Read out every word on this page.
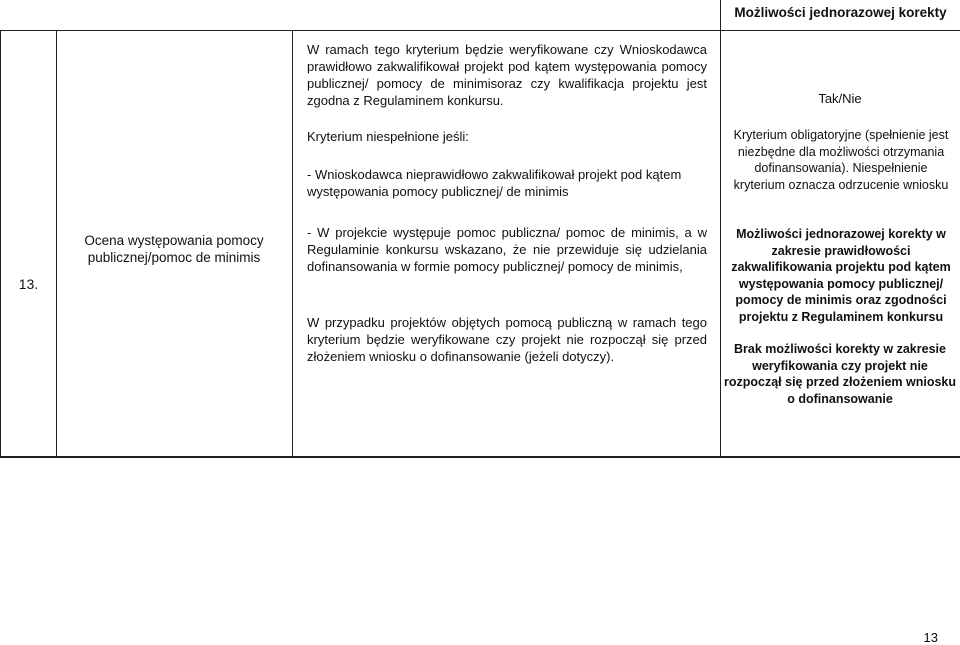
Możliwości jednorazowej korekty
13.
Ocena występowania pomocy publicznej/pomoc de minimis
W ramach tego kryterium będzie weryfikowane czy Wnioskodawca prawidłowo zakwalifikował projekt pod kątem występowania pomocy publicznej/ pomocy de minimisoraz czy kwalifikacja projektu jest zgodna z Regulaminem konkursu.
Kryterium niespełnione jeśli:
- Wnioskodawca nieprawidłowo zakwalifikował projekt pod kątem występowania pomocy publicznej/ de minimis
- W projekcie występuje pomoc publiczna/ pomoc de minimis, a w Regulaminie konkursu wskazano, że nie przewiduje się udzielania dofinansowania w formie pomocy publicznej/ pomocy de minimis,
W przypadku projektów objętych pomocą publiczną w ramach tego kryterium będzie weryfikowane czy projekt nie rozpoczął się przed złożeniem wniosku o dofinansowanie (jeżeli dotyczy).
Tak/Nie
Kryterium obligatoryjne (spełnienie jest niezbędne dla możliwości otrzymania dofinansowania). Niespełnienie kryterium oznacza odrzucenie wniosku
Możliwości jednorazowej korekty w zakresie prawidłowości zakwalifikowania projektu pod kątem występowania pomocy publicznej/ pomocy de minimis oraz zgodności projektu z Regulaminem konkursu
Brak możliwości korekty w zakresie weryfikowania czy projekt nie rozpoczął się przed złożeniem wniosku o dofinansowanie
13
